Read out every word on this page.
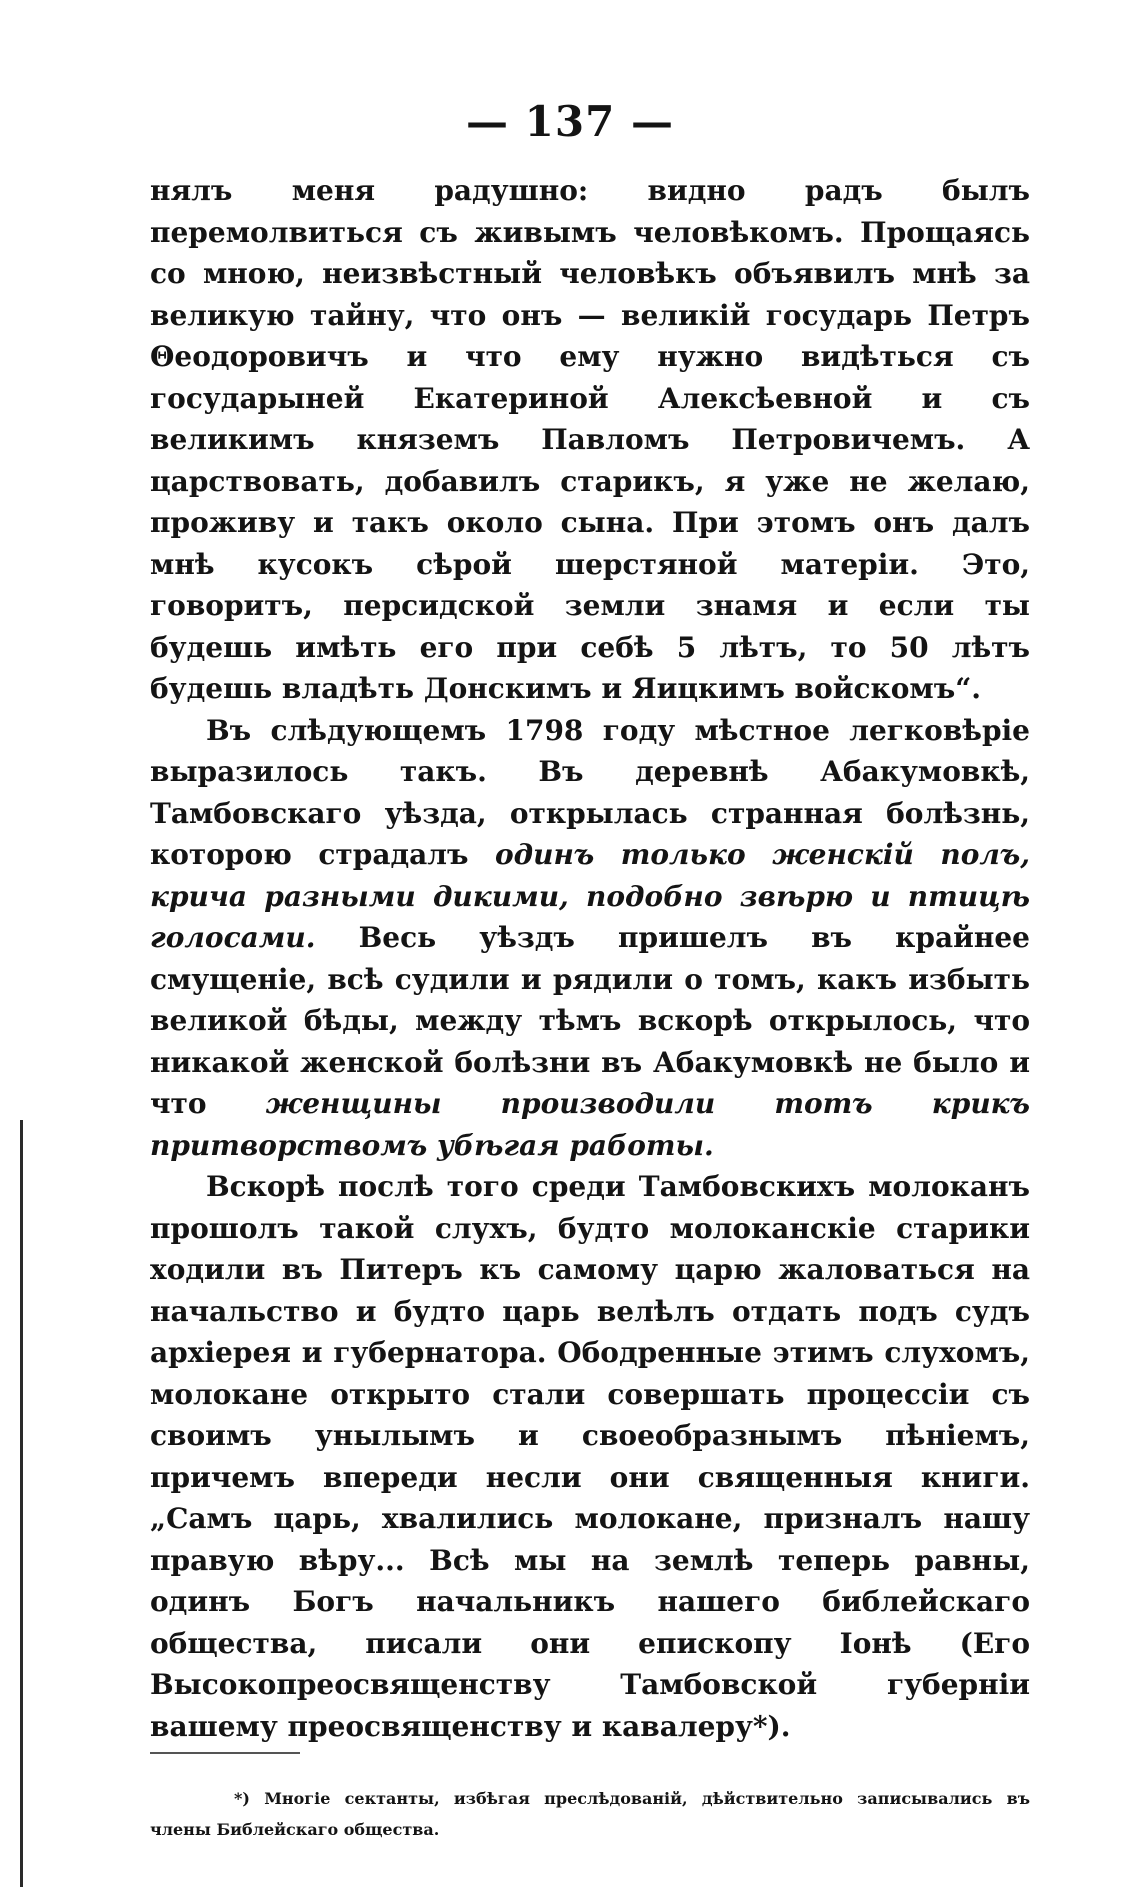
— 137 —

нялъ меня радушно: видно радъ былъ перемолвиться съ живымъ человѣкомъ. Прощаясь со мною, неизвѣстный человѣкъ объявилъ мнѣ за великую тайну, что онъ — великій государь Петръ Θеодоровичъ и что ему нужно видѣться съ государыней Екатериной Алексѣевной и съ великимъ княземъ Павломъ Петровичемъ. А царствовать, добавилъ старикъ, я уже не желаю, проживу и такъ около сына. При этомъ онъ далъ мнѣ кусокъ сѣрой шерстяной матеріи. Это, говоритъ, персидской земли знамя и если ты будешь имѣть его при себѣ 5 лѣтъ, то 50 лѣтъ будешь владѣть Донскимъ и Яицкимъ войскомъ“.

Въ слѣдующемъ 1798 году мѣстное легковѣріе выразилось такъ. Въ деревнѣ Абакумовкѣ, Тамбовскаго уѣзда, открылась странная болѣзнь, которою страдалъ одинъ только женскій полъ, крича разными дикими, подобно звѣрю и птицѣ голосами. Весь уѣздъ пришелъ въ крайнее смущеніе, всѣ судили и рядили о томъ, какъ избыть великой бѣды, между тѣмъ вскорѣ открылось, что никакой женской болѣзни въ Абакумовкѣ не было и что женщины производили тотъ крикъ притворствомъ убѣгая работы.

Вскорѣ послѣ того среди Тамбовскихъ молоканъ прошолъ такой слухъ, будто молоканскіе старики ходили въ Питеръ къ самому царю жаловаться на начальство и будто царь велѣлъ отдать подъ судъ архіерея и губернатора. Ободренные этимъ слухомъ, молокане открыто стали совершать процессіи съ своимъ унылымъ и своеобразнымъ пѣніемъ, причемъ впереди несли они священныя книги. „Самъ царь, хвалились молокане, призналъ нашу правую вѣру... Всѣ мы на землѣ теперь равны, одинъ Богъ начальникъ нашего библейскаго общества, писали они епископу Іонѣ (Его Высокопреосвященству Тамбовской губерніи вашему преосвященству и кавалеру*).

*) Многіе сектанты, избѣгая преслѣдованій, дѣйствительно записывались въ члены Библейскаго общества.
